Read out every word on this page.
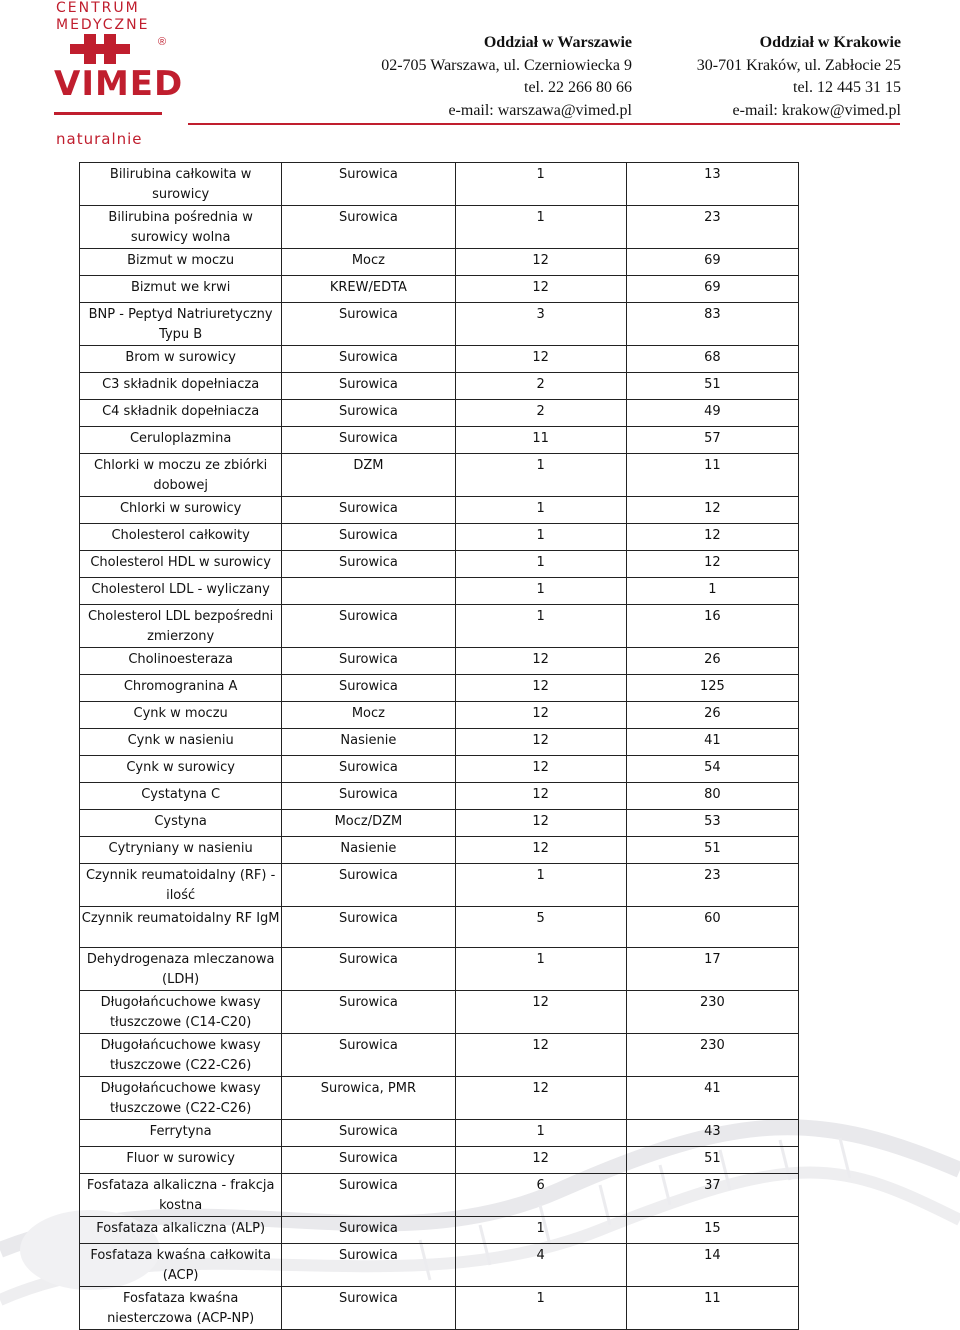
CENTRUM
MEDYCZNE
®
VIMED
naturalnie
Oddział w Warszawie
02-705 Warszawa, ul. Czerniowiecka 9
tel. 22 266 80 66
e-mail: warszawa@vimed.pl
Oddział w Krakowie
30-701 Kraków, ul. Zabłocie 25
tel. 12 445 31 15
e-mail: krakow@vimed.pl
Bilirubina całkowita w surowicy	Surowica	1	13
Bilirubina pośrednia w surowicy wolna	Surowica	1	23
Bizmut w moczu	Mocz	12	69
Bizmut we krwi	KREW/EDTA	12	69
BNP - Peptyd Natriuretyczny Typu B	Surowica	3	83
Brom w surowicy	Surowica	12	68
C3 składnik dopełniacza	Surowica	2	51
C4 składnik dopełniacza	Surowica	2	49
Ceruloplazmina	Surowica	11	57
Chlorki w moczu ze zbiórki dobowej	DZM	1	11
Chlorki w surowicy	Surowica	1	12
Cholesterol całkowity	Surowica	1	12
Cholesterol HDL w surowicy	Surowica	1	12
Cholesterol LDL - wyliczany		1	1
Cholesterol LDL bezpośredni zmierzony	Surowica	1	16
Cholinoesteraza	Surowica	12	26
Chromogranina A	Surowica	12	125
Cynk w moczu	Mocz	12	26
Cynk w nasieniu	Nasienie	12	41
Cynk w surowicy	Surowica	12	54
Cystatyna C	Surowica	12	80
Cystyna	Mocz/DZM	12	53
Cytryniany w nasieniu	Nasienie	12	51
Czynnik reumatoidalny (RF) - ilość	Surowica	1	23
Czynnik reumatoidalny RF IgM	Surowica	5	60
Dehydrogenaza mleczanowa (LDH)	Surowica	1	17
Długołańcuchowe kwasy tłuszczowe (C14-C20)	Surowica	12	230
Długołańcuchowe kwasy tłuszczowe (C22-C26)	Surowica	12	230
Długołańcuchowe kwasy tłuszczowe (C22-C26)	Surowica, PMR	12	41
Ferrytyna	Surowica	1	43
Fluor w surowicy	Surowica	12	51
Fosfataza alkaliczna - frakcja kostna	Surowica	6	37
Fosfataza alkaliczna (ALP)	Surowica	1	15
Fosfataza kwaśna całkowita (ACP)	Surowica	4	14
Fosfataza kwaśna niesterczowa (ACP-NP)	Surowica	1	11
